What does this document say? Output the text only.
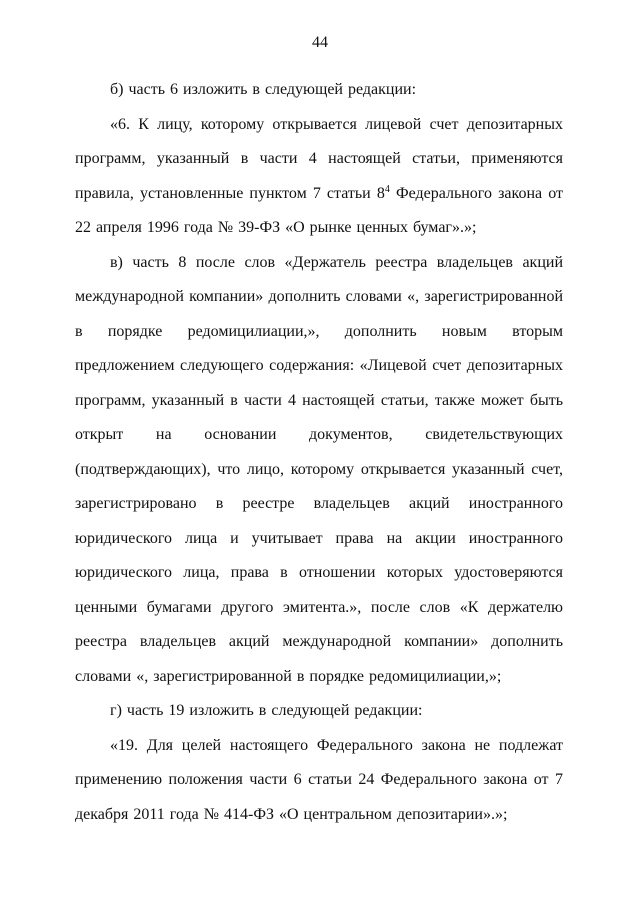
44

б) часть 6 изложить в следующей редакции:

«6. К лицу, которому открывается лицевой счет депозитарных программ, указанный в части 4 настоящей статьи, применяются правила, установленные пунктом 7 статьи $8^4$ Федерального закона от 22 апреля 1996 года № 39-ФЗ «О рынке ценных бумаг».»;

в) часть 8 после слов «Держатель реестра владельцев акций международной компании» дополнить словами «, зарегистрированной в порядке редомицилиации,», дополнить новым вторым предложением следующего содержания: «Лицевой счет депозитарных программ, указанный в части 4 настоящей статьи, также может быть открыт на основании документов, свидетельствующих (подтверждающих), что лицо, которому открывается указанный счет, зарегистрировано в реестре владельцев акций иностранного юридического лица и учитывает права на акции иностранного юридического лица, права в отношении которых удостоверяются ценными бумагами другого эмитента.», после слов «К держателю реестра владельцев акций международной компании» дополнить словами «, зарегистрированной в порядке редомицилиации,»;

г) часть 19 изложить в следующей редакции:

«19. Для целей настоящего Федерального закона не подлежат применению положения части 6 статьи 24 Федерального закона от 7 декабря 2011 года № 414-ФЗ «О центральном депозитарии».»;
